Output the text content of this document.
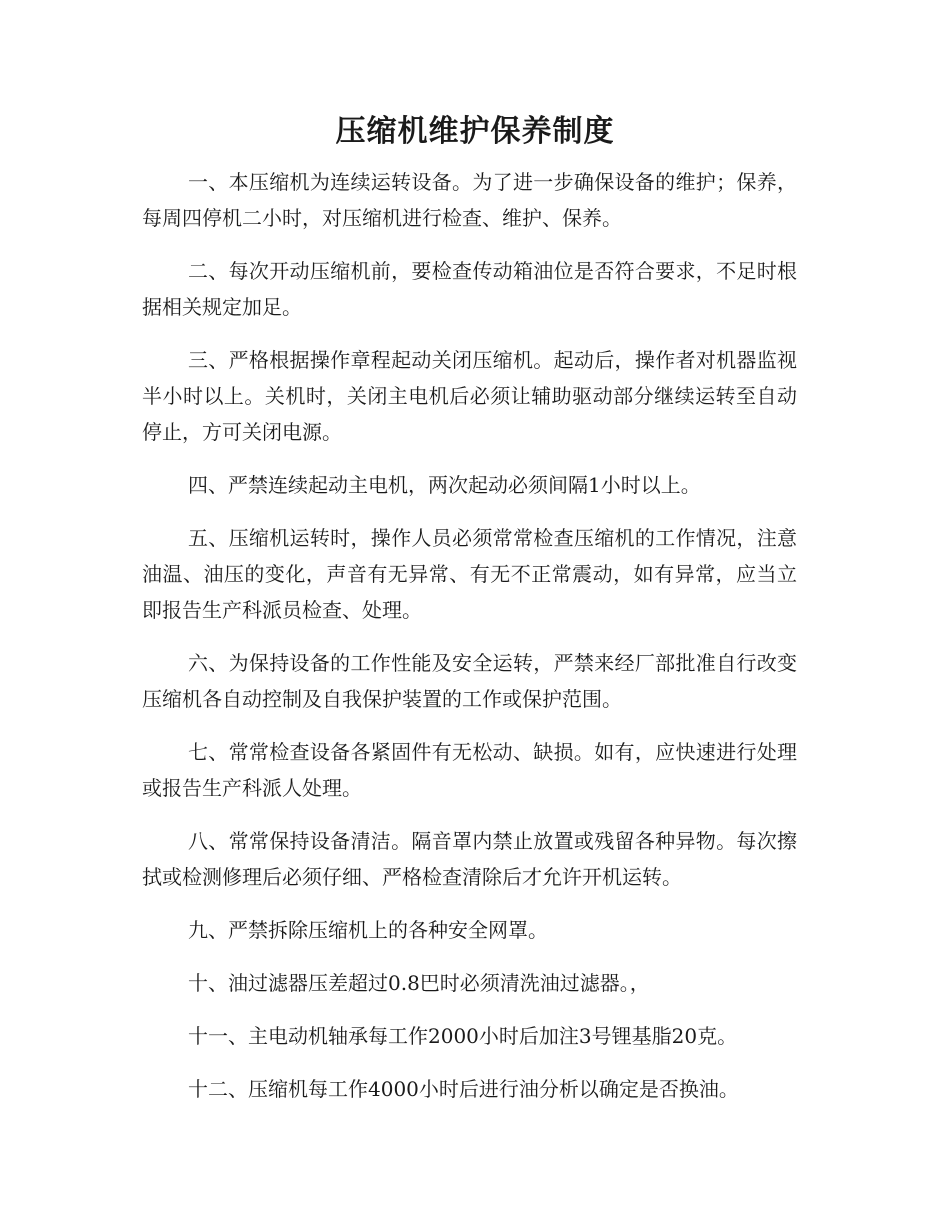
压缩机维护保养制度

一、本压缩机为连续运转设备。为了进一步确保设备的维护；保养，每周四停机二小时，对压缩机进行检查、维护、保养。

二、每次开动压缩机前，要检查传动箱油位是否符合要求，不足时根据相关规定加足。

三、严格根据操作章程起动关闭压缩机。起动后，操作者对机器监视半小时以上。关机时，关闭主电机后必须让辅助驱动部分继续运转至自动停止，方可关闭电源。

四、严禁连续起动主电机，两次起动必须间隔1小时以上。

五、压缩机运转时，操作人员必须常常检查压缩机的工作情况，注意油温、油压的变化，声音有无异常、有无不正常震动，如有异常，应当立即报告生产科派员检查、处理。

六、为保持设备的工作性能及安全运转，严禁来经厂部批准自行改变压缩机各自动控制及自我保护装置的工作或保护范围。

七、常常检查设备各紧固件有无松动、缺损。如有，应快速进行处理或报告生产科派人处理。

八、常常保持设备清洁。隔音罩内禁止放置或残留各种异物。每次擦拭或检测修理后必须仔细、严格检查清除后才允许开机运转。

九、严禁拆除压缩机上的各种安全网罩。

十、油过滤器压差超过0.8巴时必须清洗油过滤器。，

十一、主电动机轴承每工作2000小时后加注3号锂基脂20克。

十二、压缩机每工作4000小时后进行油分析以确定是否换油。
